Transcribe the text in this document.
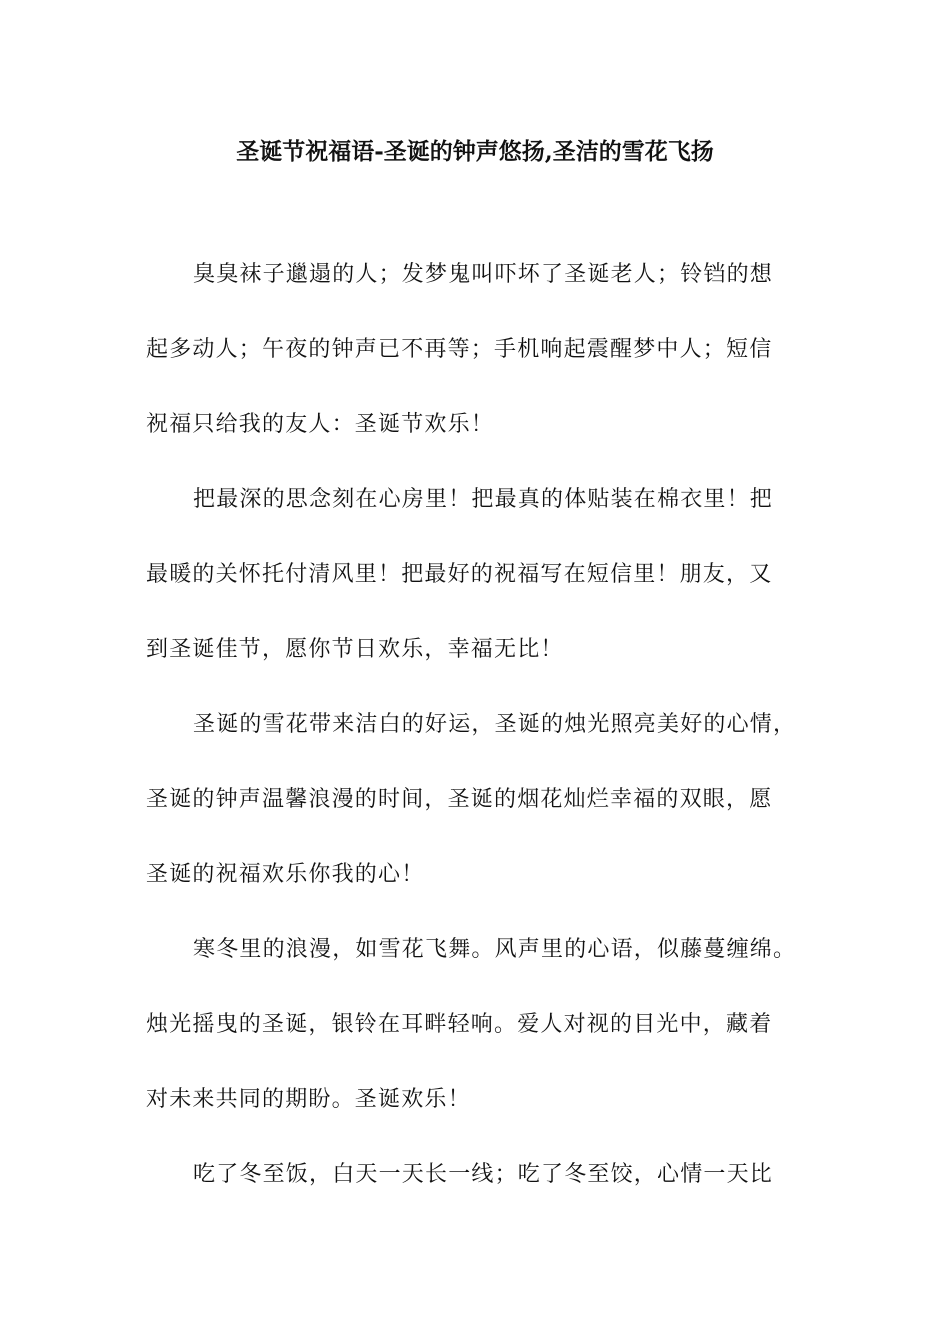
圣诞节祝福语-圣诞的钟声悠扬,圣洁的雪花飞扬
臭臭袜子邋遢的人；发梦鬼叫吓坏了圣诞老人；铃铛的想
起多动人；午夜的钟声已不再等；手机响起震醒梦中人；短信
祝福只给我的友人：圣诞节欢乐！
把最深的思念刻在心房里！把最真的体贴装在棉衣里！把
最暖的关怀托付清风里！把最好的祝福写在短信里！朋友，又
到圣诞佳节，愿你节日欢乐，幸福无比！
圣诞的雪花带来洁白的好运，圣诞的烛光照亮美好的心情，
圣诞的钟声温馨浪漫的时间，圣诞的烟花灿烂幸福的双眼，愿
圣诞的祝福欢乐你我的心！
寒冬里的浪漫，如雪花飞舞。风声里的心语，似藤蔓缠绵。
烛光摇曳的圣诞，银铃在耳畔轻响。爱人对视的目光中，藏着
对未来共同的期盼。圣诞欢乐！
吃了冬至饭，白天一天长一线；吃了冬至饺，心情一天比
